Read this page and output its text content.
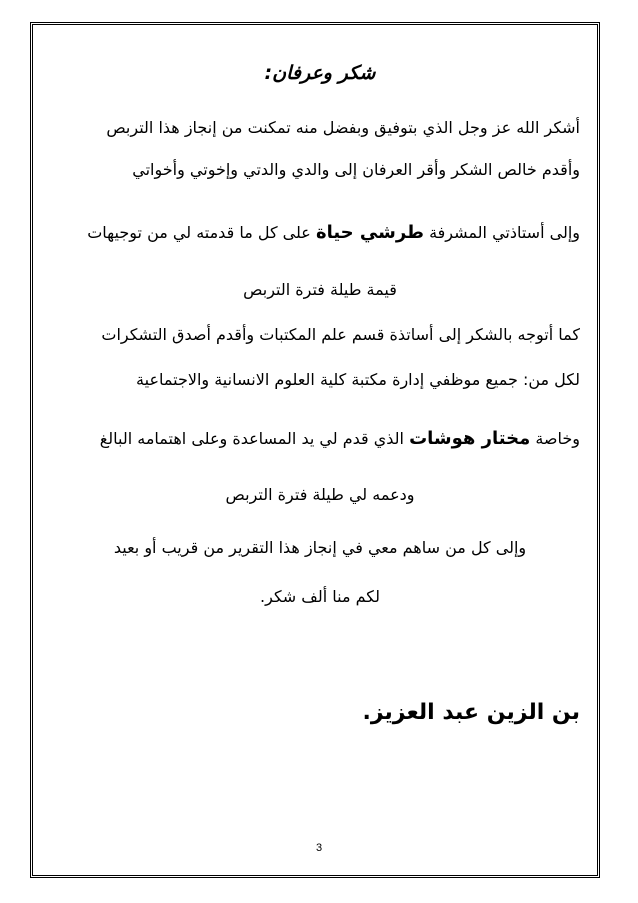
شكر وعرفان:

أشكر الله عز وجل الذي بتوفيق وبفضل منه تمكنت من إنجاز هذا التربص

وأقدم خالص الشكر وأقر العرفان إلى والدي والدتي وإخوتي وأخواتي

وإلى أستاذتي المشرفة طرشي حياة على كل ما قدمته لي من توجيهات

قيمة طيلة فترة التربص

كما أتوجه بالشكر إلى أساتذة قسم علم المكتبات وأقدم أصدق التشكرات

لكل من: جميع موظفي إدارة مكتبة كلية العلوم الانسانية والاجتماعية

وخاصة مختار هوشات الذي قدم لي يد المساعدة وعلى اهتمامه البالغ

ودعمه لي طيلة فترة التربص

وإلى كل من ساهم معي في إنجاز هذا التقرير من قريب أو بعيد

لكم منا ألف شكر.

بن الزين عبد العزيز.

3
